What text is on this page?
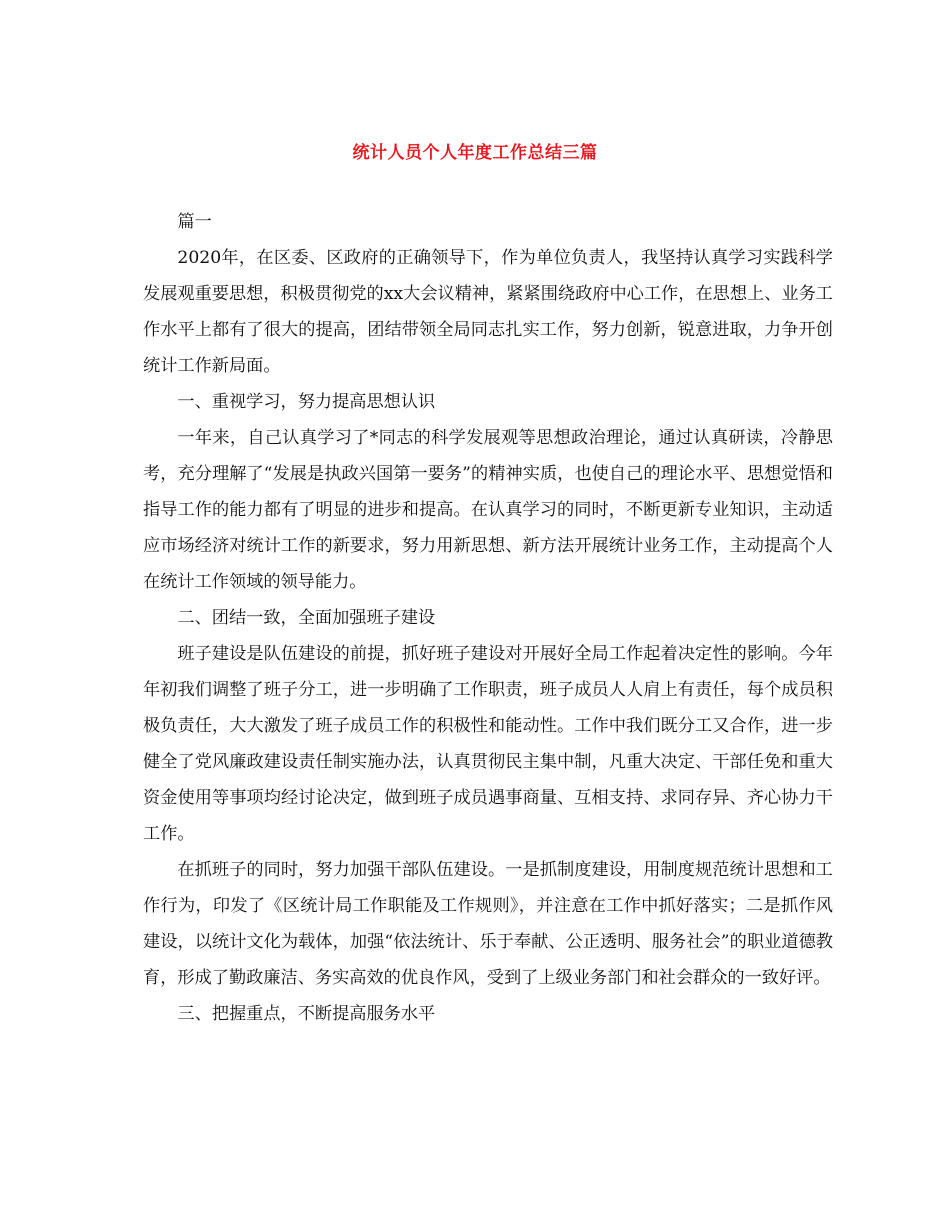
统计人员个人年度工作总结三篇

篇一

2020年，在区委、区政府的正确领导下，作为单位负责人，我坚持认真学习实践科学发展观重要思想，积极贯彻党的xx大会议精神，紧紧围绕政府中心工作，在思想上、业务工作水平上都有了很大的提高，团结带领全局同志扎实工作，努力创新，锐意进取，力争开创统计工作新局面。

一、重视学习，努力提高思想认识

一年来，自己认真学习了*同志的科学发展观等思想政治理论，通过认真研读，冷静思考，充分理解了“发展是执政兴国第一要务”的精神实质，也使自己的理论水平、思想觉悟和指导工作的能力都有了明显的进步和提高。在认真学习的同时，不断更新专业知识，主动适应市场经济对统计工作的新要求，努力用新思想、新方法开展统计业务工作，主动提高个人在统计工作领域的领导能力。

二、团结一致，全面加强班子建设

班子建设是队伍建设的前提，抓好班子建设对开展好全局工作起着决定性的影响。今年年初我们调整了班子分工，进一步明确了工作职责，班子成员人人肩上有责任，每个成员积极负责任，大大激发了班子成员工作的积极性和能动性。工作中我们既分工又合作，进一步健全了党风廉政建设责任制实施办法，认真贯彻民主集中制，凡重大决定、干部任免和重大资金使用等事项均经讨论决定，做到班子成员遇事商量、互相支持、求同存异、齐心协力干工作。

在抓班子的同时，努力加强干部队伍建设。一是抓制度建设，用制度规范统计思想和工作行为，印发了《区统计局工作职能及工作规则》，并注意在工作中抓好落实；二是抓作风建设，以统计文化为载体，加强“依法统计、乐于奉献、公正透明、服务社会”的职业道德教育，形成了勤政廉洁、务实高效的优良作风，受到了上级业务部门和社会群众的一致好评。

三、把握重点，不断提高服务水平
